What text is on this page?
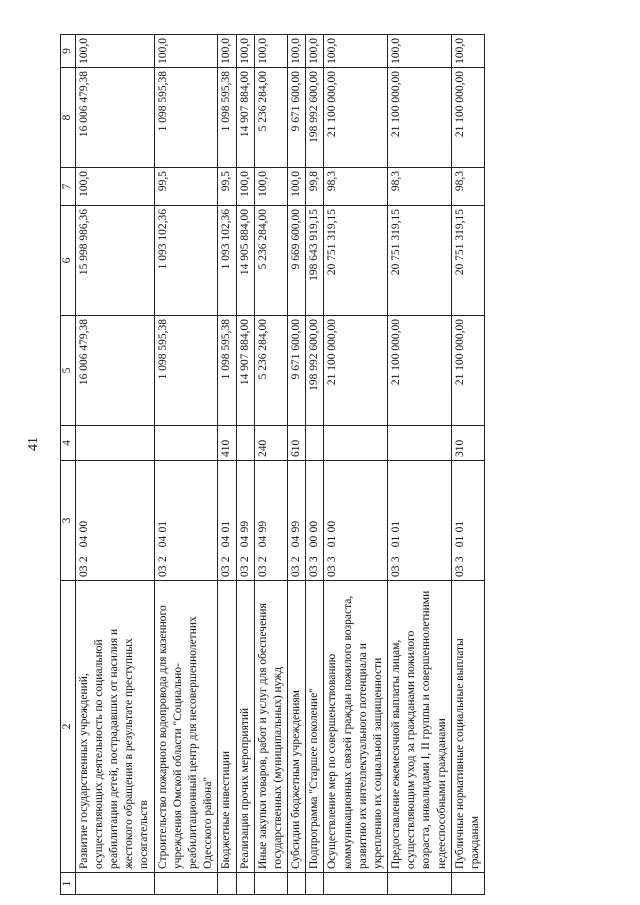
41
1	2	3	4	5	6	7	8	9
	Развитие государственных учреждений, осуществляющих деятельность по социальной реабилитации детей, пострадавших от насилия и жестокого обращения в результате преступных посягательств	03 2 04 00		16 006 479,38	15 998 986,36	100,0	16 006 479,38	100,0
	Строительство пожарного водопровода для казенного учреждения Омской области "Социально-реабилитационный центр для несовершеннолетних Одесского района"	03 2 04 01		1 098 595,38	1 093 102,36	99,5	1 098 595,38	100,0
	Бюджетные инвестиции	03 2 04 01	410	1 098 595,38	1 093 102,36	99,5	1 098 595,38	100,0
	Реализация прочих мероприятий	03 2 04 99		14 907 884,00	14 905 884,00	100,0	14 907 884,00	100,0
	Иные закупки товаров, работ и услуг для обеспечения государственных (муниципальных) нужд	03 2 04 99	240	5 236 284,00	5 236 284,00	100,0	5 236 284,00	100,0
	Субсидии бюджетным учреждениям	03 2 04 99	610	9 671 600,00	9 669 600,00	100,0	9 671 600,00	100,0
	Подпрограмма "Старшее поколение"	03 3 00 00		198 992 600,00	198 643 919,15	99,8	198 992 600,00	100,0
	Осуществление мер по совершенствованию коммуникационных связей граждан пожилого возраста, развитию их интеллектуального потенциала и укреплению их социальной защищенности	03 3 01 00		21 100 000,00	20 751 319,15	98,3	21 100 000,00	100,0
	Предоставление ежемесячной выплаты лицам, осуществляющим уход за гражданами пожилого возраста, инвалидами I, II группы и совершеннолетними недееспособными гражданами	03 3 01 01		21 100 000,00	20 751 319,15	98,3	21 100 000,00	100,0
	Публичные нормативные социальные выплаты гражданам	03 3 01 01	310	21 100 000,00	20 751 319,15	98,3	21 100 000,00	100,0
